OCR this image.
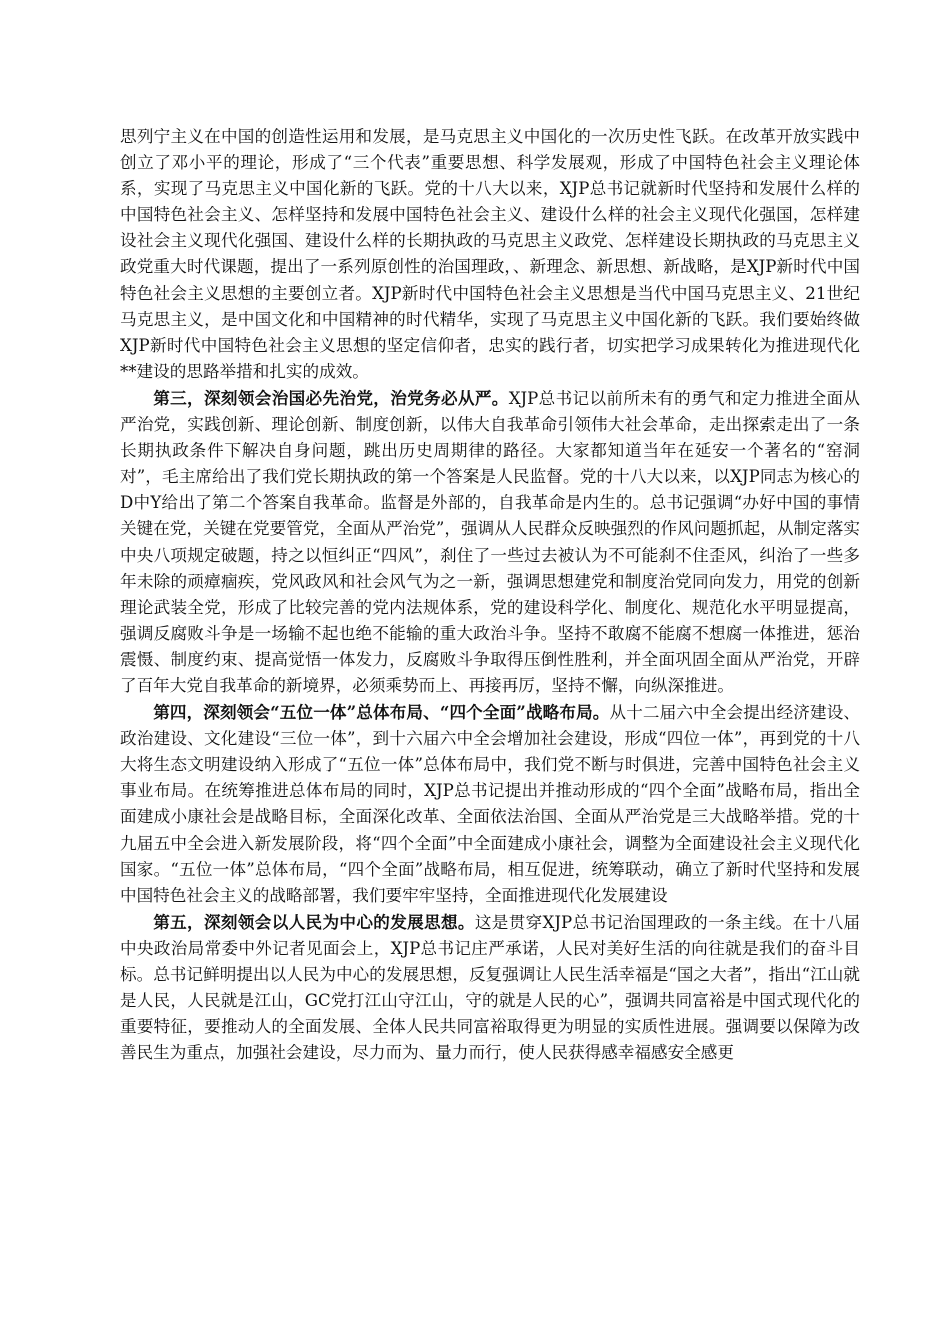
思列宁主义在中国的创造性运用和发展，是马克思主义中国化的一次历史性飞跃。在改革开放实践中创立了邓小平的理论，形成了“三个代表”重要思想、科学发展观，形成了中国特色社会主义理论体系，实现了马克思主义中国化新的飞跃。党的十八大以来，XJP总书记就新时代坚持和发展什么样的中国特色社会主义、怎样坚持和发展中国特色社会主义、建设什么样的社会主义现代化强国，怎样建设社会主义现代化强国、建设什么样的长期执政的马克思主义政党、怎样建设长期执政的马克思主义政党重大时代课题，提出了一系列原创性的治国理政，、新理念、新思想、新战略，是XJP新时代中国特色社会主义思想的主要创立者。XJP新时代中国特色社会主义思想是当代中国马克思主义、21世纪马克思主义，是中国文化和中国精神的时代精华，实现了马克思主义中国化新的飞跃。我们要始终做XJP新时代中国特色社会主义思想的坚定信仰者，忠实的践行者，切实把学习成果转化为推进现代化**建设的思路举措和扎实的成效。

第三，深刻领会治国必先治党，治党务必从严。XJP总书记以前所未有的勇气和定力推进全面从严治党，实践创新、理论创新、制度创新，以伟大自我革命引领伟大社会革命，走出探索走出了一条长期执政条件下解决自身问题，跳出历史周期律的路径。大家都知道当年在延安一个著名的“窑洞对”，毛主席给出了我们党长期执政的第一个答案是人民监督。党的十八大以来，以XJP同志为核心的D中Y给出了第二个答案自我革命。监督是外部的，自我革命是内生的。总书记强调“办好中国的事情关键在党，关键在党要管党，全面从严治党”，强调从人民群众反映强烈的作风问题抓起，从制定落实中央八项规定破题，持之以恒纠正“四风”，刹住了一些过去被认为不可能刹不住歪风，纠治了一些多年未除的顽瘴痼疾，党风政风和社会风气为之一新，强调思想建党和制度治党同向发力，用党的创新理论武装全党，形成了比较完善的党内法规体系，党的建设科学化、制度化、规范化水平明显提高，强调反腐败斗争是一场输不起也绝不能输的重大政治斗争。坚持不敢腐不能腐不想腐一体推进，惩治震慑、制度约束、提高觉悟一体发力，反腐败斗争取得压倒性胜利，并全面巩固全面从严治党，开辟了百年大党自我革命的新境界，必须乘势而上、再接再厉，坚持不懈，向纵深推进。

第四，深刻领会“五位一体”总体布局、“四个全面”战略布局。从十二届六中全会提出经济建设、政治建设、文化建设“三位一体”，到十六届六中全会增加社会建设，形成“四位一体”，再到党的十八大将生态文明建设纳入形成了“五位一体”总体布局中，我们党不断与时俱进，完善中国特色社会主义事业布局。在统筹推进总体布局的同时，XJP总书记提出并推动形成的“四个全面”战略布局，指出全面建成小康社会是战略目标，全面深化改革、全面依法治国、全面从严治党是三大战略举措。党的十九届五中全会进入新发展阶段，将“四个全面”中全面建成小康社会，调整为全面建设社会主义现代化国家。“五位一体”总体布局，“四个全面”战略布局，相互促进，统筹联动，确立了新时代坚持和发展中国特色社会主义的战略部署，我们要牢牢坚持，全面推进现代化发展建设

第五，深刻领会以人民为中心的发展思想。这是贯穿XJP总书记治国理政的一条主线。在十八届中央政治局常委中外记者见面会上，XJP总书记庄严承诺，人民对美好生活的向往就是我们的奋斗目标。总书记鲜明提出以人民为中心的发展思想，反复强调让人民生活幸福是“国之大者”，指出“江山就是人民，人民就是江山，GC党打江山守江山，守的就是人民的心”，强调共同富裕是中国式现代化的重要特征，要推动人的全面发展、全体人民共同富裕取得更为明显的实质性进展。强调要以保障为改善民生为重点，加强社会建设，尽力而为、量力而行，使人民获得感幸福感安全感更
